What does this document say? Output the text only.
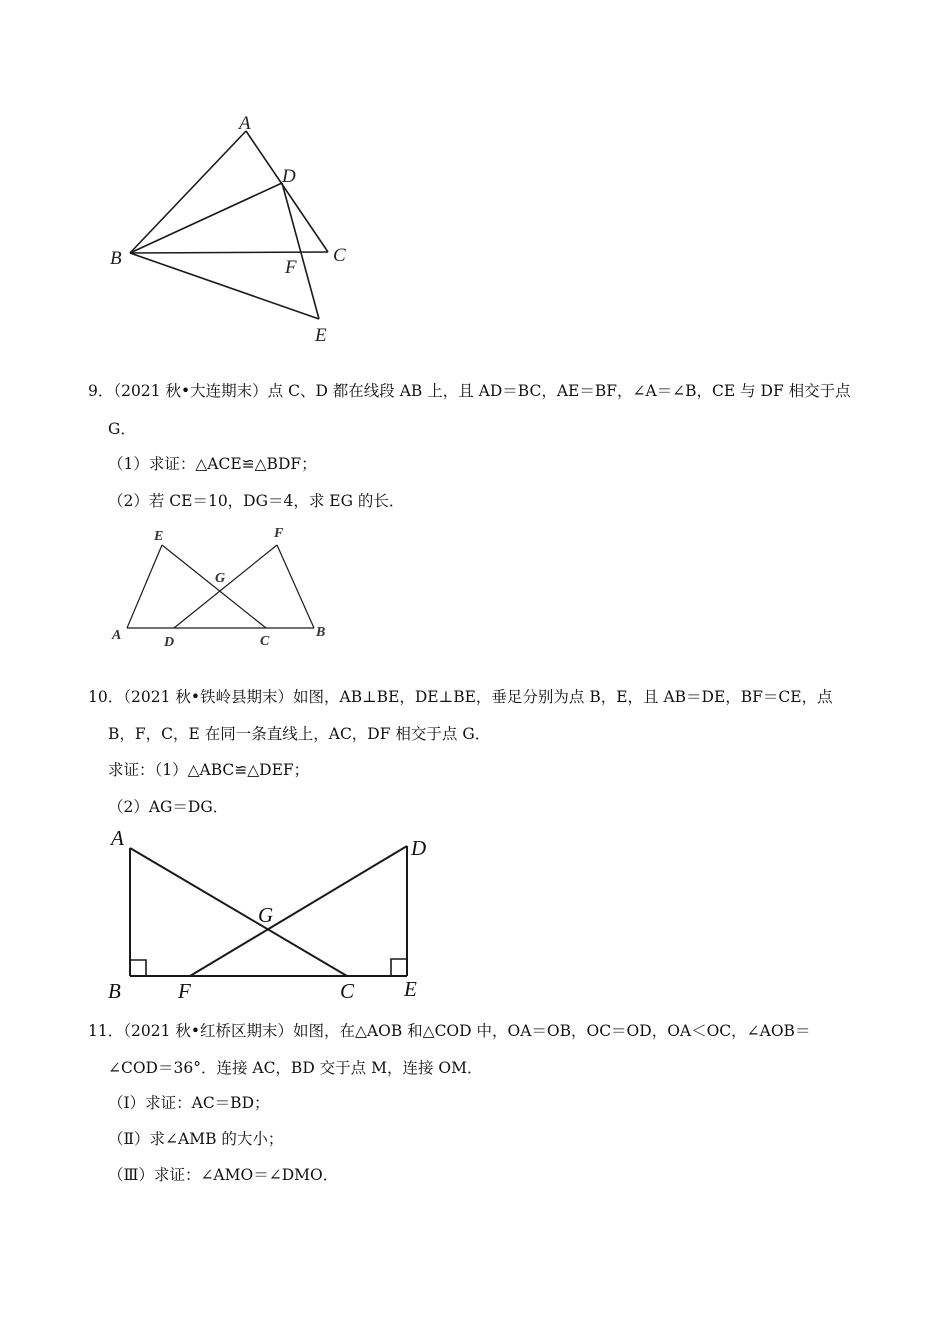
A
D
B	C
F
E
9．（2021 秋•大连期末）点 C、D 都在线段 AB 上，且 AD＝BC，AE＝BF，∠A＝∠B，CE 与 DF 相交于点
G．
（1）求证：△ACE≌△BDF；
（2）若 CE＝10，DG＝4，求 EG 的长．
E	F
G
A	D	C
B
10．（2021 秋•铁岭县期末）如图，AB⊥BE，DE⊥BE，垂足分别为点 B，E，且 AB＝DE，BF＝CE，点
B，F，C，E 在同一条直线上，AC，DF 相交于点 G．
求证：（1）△ABC≌△DEF；
（2）AG＝DG．
A	D
G
B	F	C E
11．（2021 秋•红桥区期末）如图，在△AOB 和△COD 中，OA＝OB，OC＝OD，OA＜OC，∠AOB＝
∠COD＝36°．连接 AC，BD 交于点 M，连接 OM．
（Ⅰ）求证：AC＝BD；
（Ⅱ）求∠AMB 的大小；
（Ⅲ）求证：∠AMO＝∠DMO．
